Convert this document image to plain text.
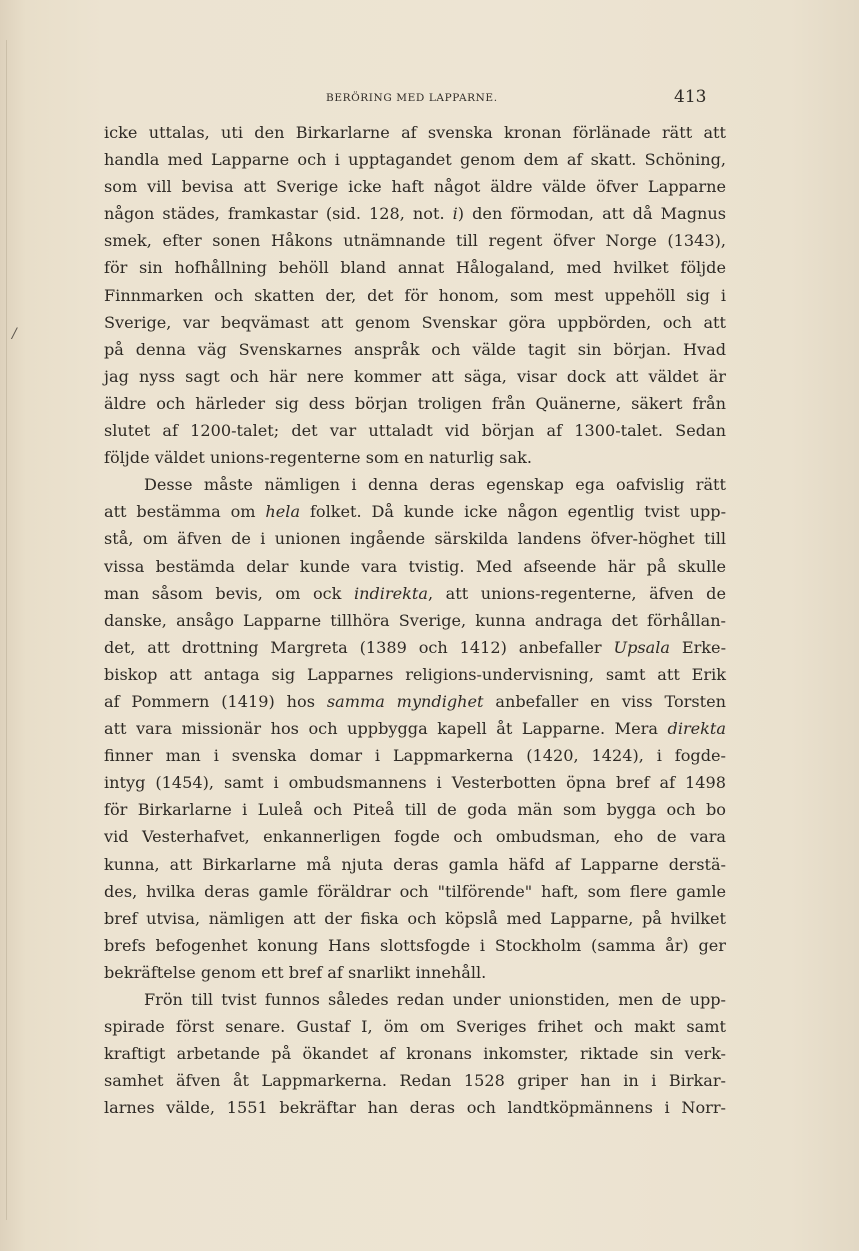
BERÖRING MED LAPPARNE.	413
/

icke uttalas, uti den Birkarlarne af svenska kronan förlänade rätt att
handla med Lapparne och i upptagandet genom dem af skatt. Schöning,
som vill bevisa att Sverige icke haft något äldre välde öfver Lapparne
någon städes, framkastar (sid. 128, not. i) den förmodan, att då Magnus
smek, efter sonen Håkons utnämnande till regent öfver Norge (1343),
för sin hofhållning behöll bland annat Hålogaland, med hvilket följde
Finnmarken och skatten der, det för honom, som mest uppehöll sig i
Sverige, var beqvämast att genom Svenskar göra uppbörden, och att
på denna väg Svenskarnes anspråk och välde tagit sin början. Hvad
jag nyss sagt och här nere kommer att säga, visar dock att väldet är
äldre och härleder sig dess början troligen från Quänerne, säkert från
slutet af 1200-talet; det var uttaladt vid början af 1300-talet. Sedan
följde väldet unions-regenterne som en naturlig sak.

Desse måste nämligen i denna deras egenskap ega oafvislig rätt
att bestämma om hela folket. Då kunde icke någon egentlig tvist upp-
stå, om äfven de i unionen ingående särskilda landens öfver-höghet till
vissa bestämda delar kunde vara tvistig. Med afseende här på skulle
man såsom bevis, om ock indirekta, att unions-regenterne, äfven de
danske, ansågo Lapparne tillhöra Sverige, kunna andraga det förhållan-
det, att drottning Margreta (1389 och 1412) anbefaller Upsala Erke-
biskop att antaga sig Lapparnes religions-undervisning, samt att Erik
af Pommern (1419) hos samma myndighet anbefaller en viss Torsten
att vara missionär hos och uppbygga kapell åt Lapparne. Mera direkta
finner man i svenska domar i Lappmarkerna (1420, 1424), i fogde-
intyg (1454), samt i ombudsmannens i Vesterbotten öpna bref af 1498
för Birkarlarne i Luleå och Piteå till de goda män som bygga och bo
vid Vesterhafvet, enkannerligen fogde och ombudsman, eho de vara
kunna, att Birkarlarne må njuta deras gamla häfd af Lapparne derstä-
des, hvilka deras gamle föräldrar och "tilförende" haft, som flere gamle
bref utvisa, nämligen att der fiska och köpslå med Lapparne, på hvilket
brefs befogenhet konung Hans slottsfogde i Stockholm (samma år) ger
bekräftelse genom ett bref af snarlikt innehåll.

Frön till tvist funnos således redan under unionstiden, men de upp-
spirade först senare. Gustaf I, öm om Sveriges frihet och makt samt
kraftigt arbetande på ökandet af kronans inkomster, riktade sin verk-
samhet äfven åt Lappmarkerna. Redan 1528 griper han in i Birkar-
larnes välde, 1551 bekräftar han deras och landtköpmännens i Norr-
